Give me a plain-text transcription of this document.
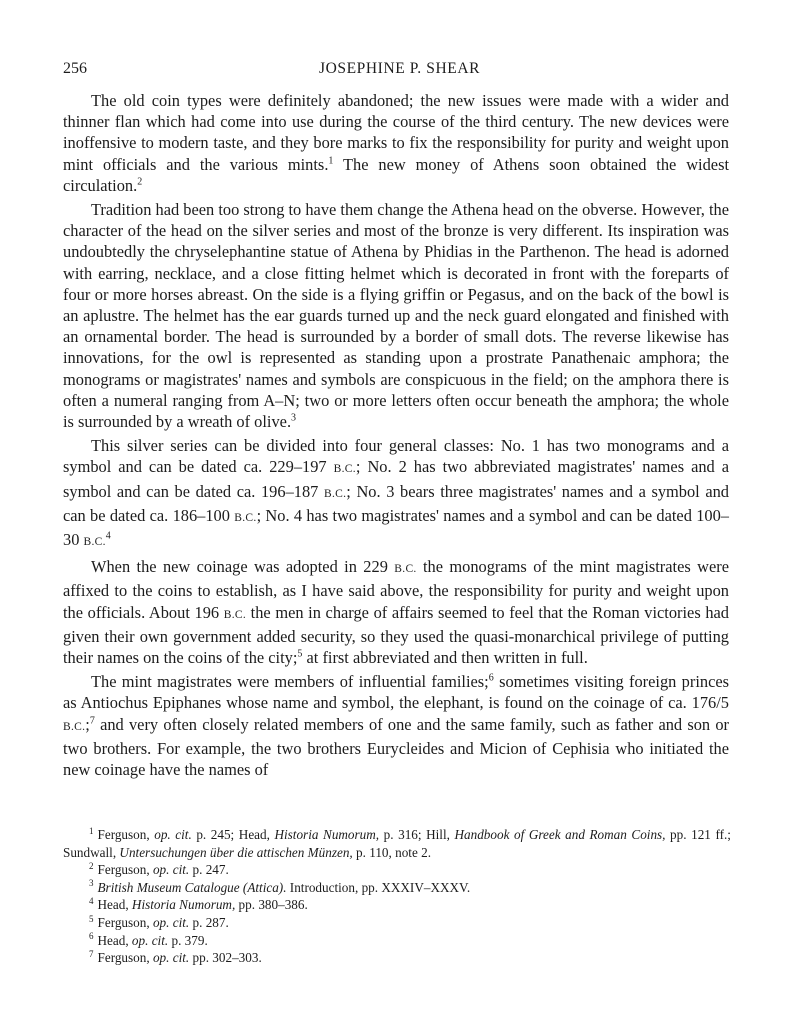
256	JOSEPHINE P. SHEAR

The old coin types were definitely abandoned; the new issues were made with a wider and thinner flan which had come into use during the course of the third century. The new devices were inoffensive to modern taste, and they bore marks to fix the responsibility for purity and weight upon mint officials and the various mints.$^1$ The new money of Athens soon obtained the widest circulation.$^2$

Tradition had been too strong to have them change the Athena head on the obverse. However, the character of the head on the silver series and most of the bronze is very different. Its inspiration was undoubtedly the chryselephantine statue of Athena by Phidias in the Parthenon. The head is adorned with earring, necklace, and a close fitting helmet which is decorated in front with the foreparts of four or more horses abreast. On the side is a flying griffin or Pegasus, and on the back of the bowl is an aplustre. The helmet has the ear guards turned up and the neck guard elongated and finished with an ornamental border. The head is surrounded by a border of small dots. The reverse likewise has innovations, for the owl is represented as standing upon a prostrate Panathenaic amphora; the monograms or magistrates' names and symbols are conspicuous in the field; on the amphora there is often a numeral ranging from A–N; two or more letters often occur beneath the amphora; the whole is surrounded by a wreath of olive.$^3$

This silver series can be divided into four general classes: No. 1 has two monograms and a symbol and can be dated ca. 229–197 B.C.; No. 2 has two abbreviated magistrates' names and a symbol and can be dated ca. 196–187 B.C.; No. 3 bears three magistrates' names and a symbol and can be dated ca. 186–100 B.C.; No. 4 has two magistrates' names and a symbol and can be dated 100–30 B.C.$^4$

When the new coinage was adopted in 229 B.C. the monograms of the mint magistrates were affixed to the coins to establish, as I have said above, the responsibility for purity and weight upon the officials. About 196 B.C. the men in charge of affairs seemed to feel that the Roman victories had given their own government added security, so they used the quasi-monarchical privilege of putting their names on the coins of the city;$^5$ at first abbreviated and then written in full.

The mint magistrates were members of influential families;$^6$ sometimes visiting foreign princes as Antiochus Epiphanes whose name and symbol, the elephant, is found on the coinage of ca. 176/5 B.C.;$^7$ and very often closely related members of one and the same family, such as father and son or two brothers. For example, the two brothers Eurycleides and Micion of Cephisia who initiated the new coinage have the names of

$^1$ Ferguson, op. cit. p. 245; Head, Historia Numorum, p. 316; Hill, Handbook of Greek and Roman Coins, pp. 121 ff.; Sundwall, Untersuchungen über die attischen Münzen, p. 110, note 2.
$^2$ Ferguson, op. cit. p. 247.
$^3$ British Museum Catalogue (Attica). Introduction, pp. XXXIV–XXXV.
$^4$ Head, Historia Numorum, pp. 380–386.
$^5$ Ferguson, op. cit. p. 287.
$^6$ Head, op. cit. p. 379.
$^7$ Ferguson, op. cit. pp. 302–303.
